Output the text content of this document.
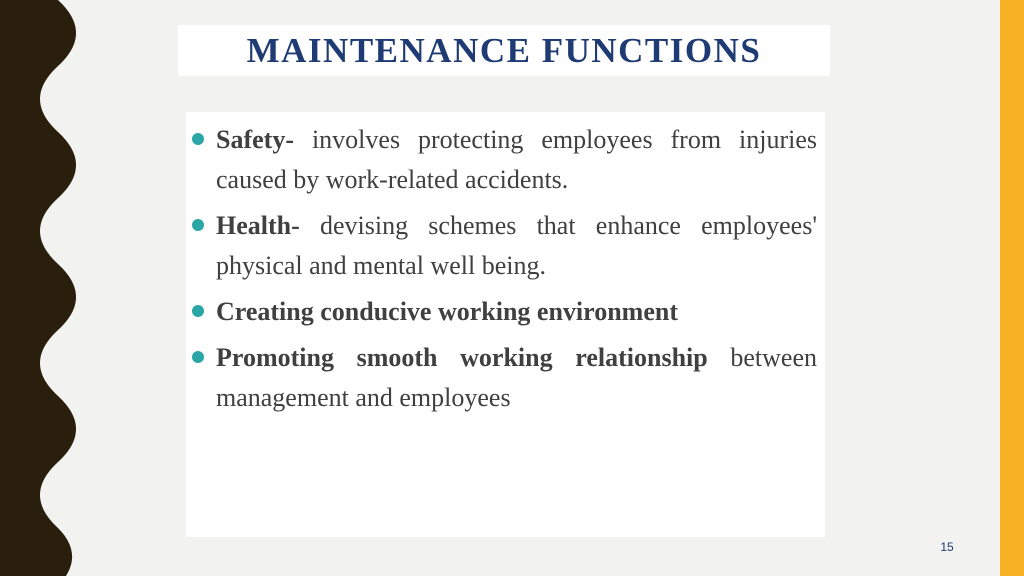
MAINTENANCE FUNCTIONS
Safety- involves protecting employees from injuries caused by work-related accidents.
Health- devising schemes that enhance employees' physical and mental well being.
Creating conducive working environment
Promoting smooth working relationship between management and employees
15
